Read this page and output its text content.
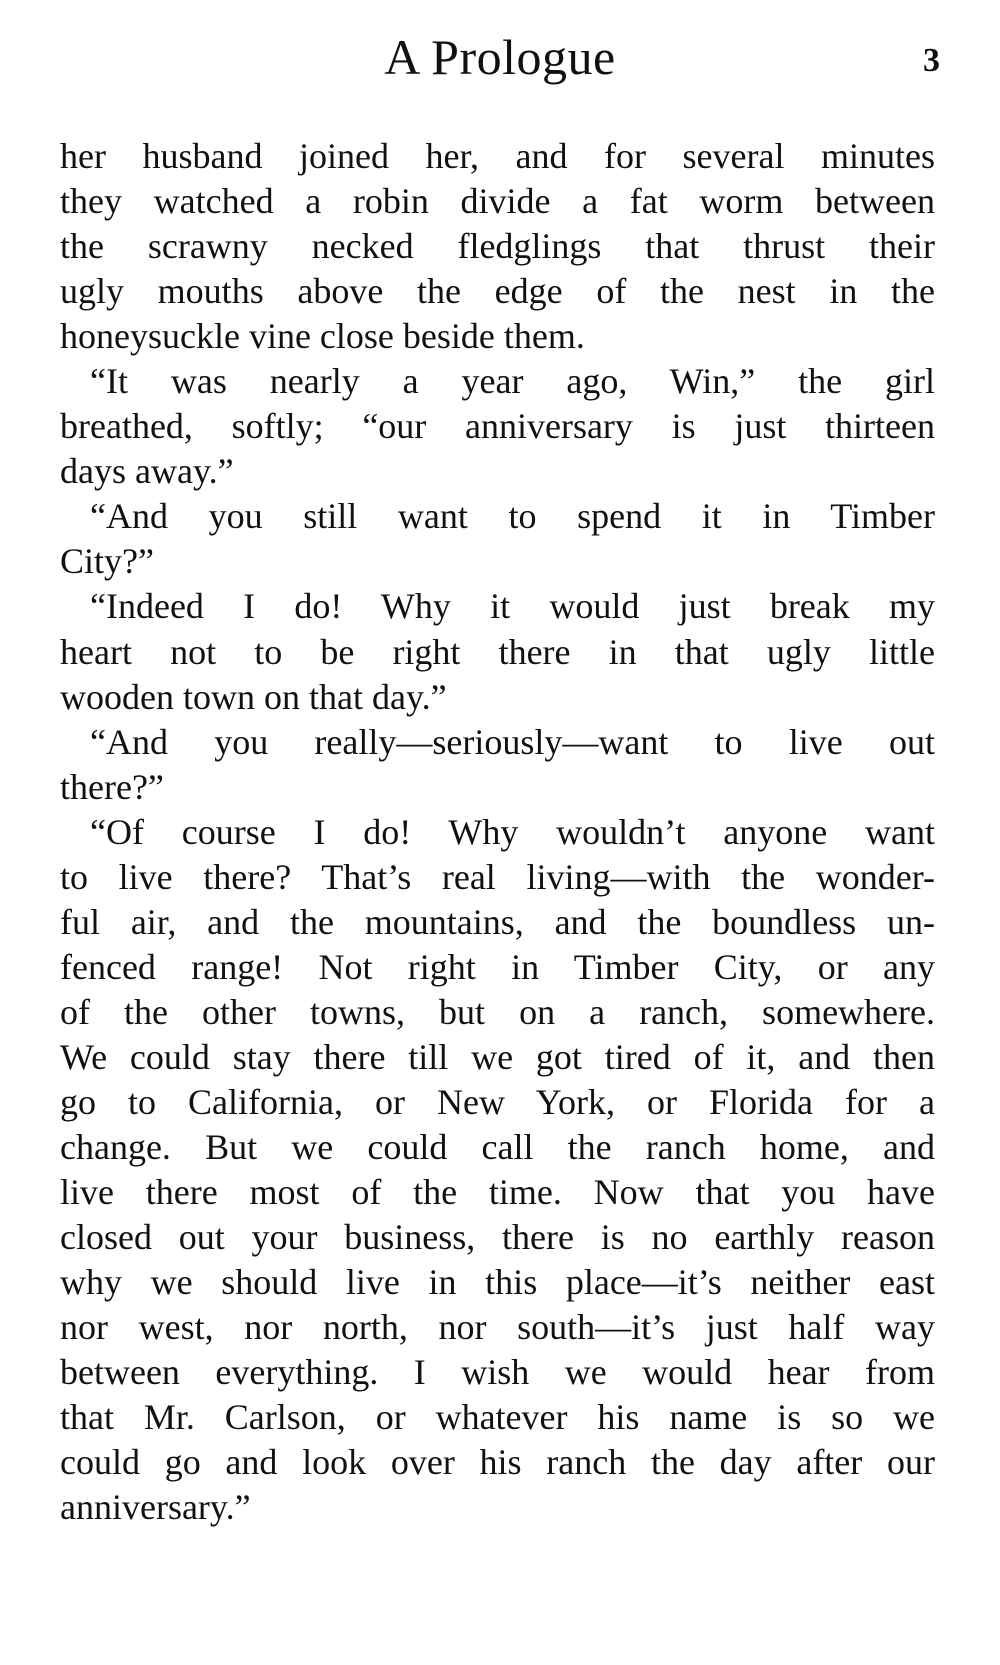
A Prologue	3
her husband joined her, and for several minutes
they watched a robin divide a fat worm between
the scrawny necked fledglings that thrust their
ugly mouths above the edge of the nest in the
honeysuckle vine close beside them.
“It was nearly a year ago, Win,” the girl
breathed, softly; “our anniversary is just thirteen
days away.”
“And you still want to spend it in Timber
City?”
“Indeed I do! Why it would just break my
heart not to be right there in that ugly little
wooden town on that day.”
“And you really—seriously—want to live out
there?”
“Of course I do! Why wouldn’t anyone want
to live there? That’s real living—with the wonder-
ful air, and the mountains, and the boundless un-
fenced range! Not right in Timber City, or any
of the other towns, but on a ranch, somewhere.
We could stay there till we got tired of it, and then
go to California, or New York, or Florida for a
change. But we could call the ranch home, and
live there most of the time. Now that you have
closed out your business, there is no earthly reason
why we should live in this place—it’s neither east
nor west, nor north, nor south—it’s just half way
between everything. I wish we would hear from
that Mr. Carlson, or whatever his name is so we
could go and look over his ranch the day after our
anniversary.”
